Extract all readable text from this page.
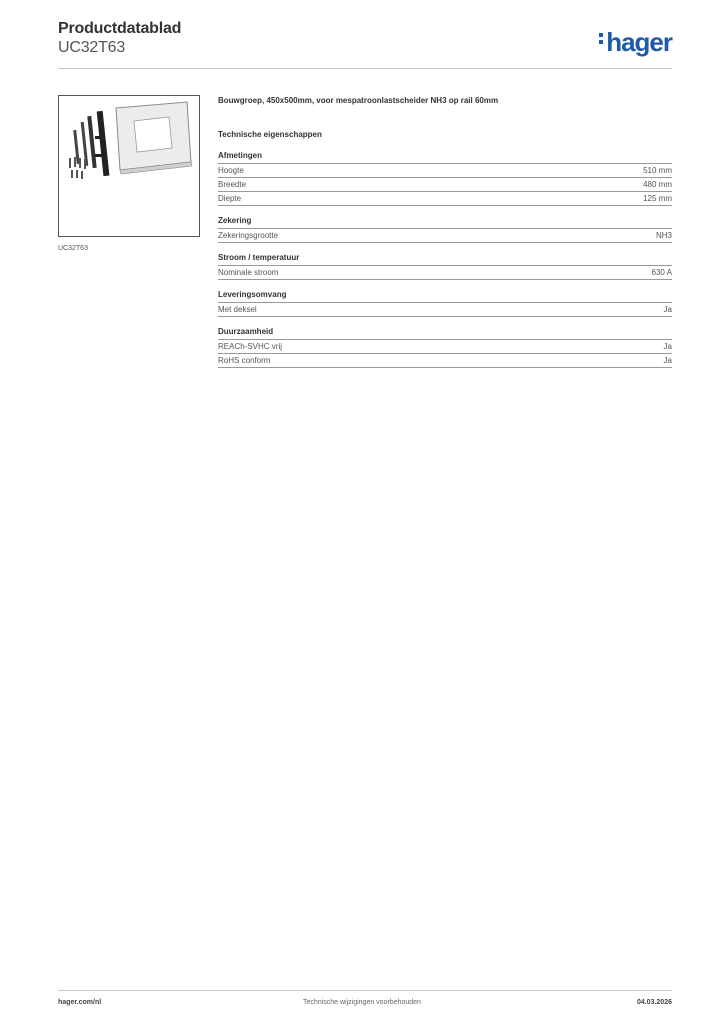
Productdatablad
UC32T63	hager
UC32T63
Bouwgroep, 450x500mm, voor mespatroonlastscheider NH3 op rail 60mm
Technische eigenschappen
Afmetingen
Hoogte	510 mm
Breedte	480 mm
Diepte	125 mm
Zekering
Zekeringsgrootte	NH3
Stroom / temperatuur
Nominale stroom	630 A
Leveringsomvang
Met deksel	Ja
Duurzaamheid
REACh-SVHC vrij	Ja
RoHS conform	Ja
hager.com/nl	Technische wijzigingen voorbehouden	04.03.2026
